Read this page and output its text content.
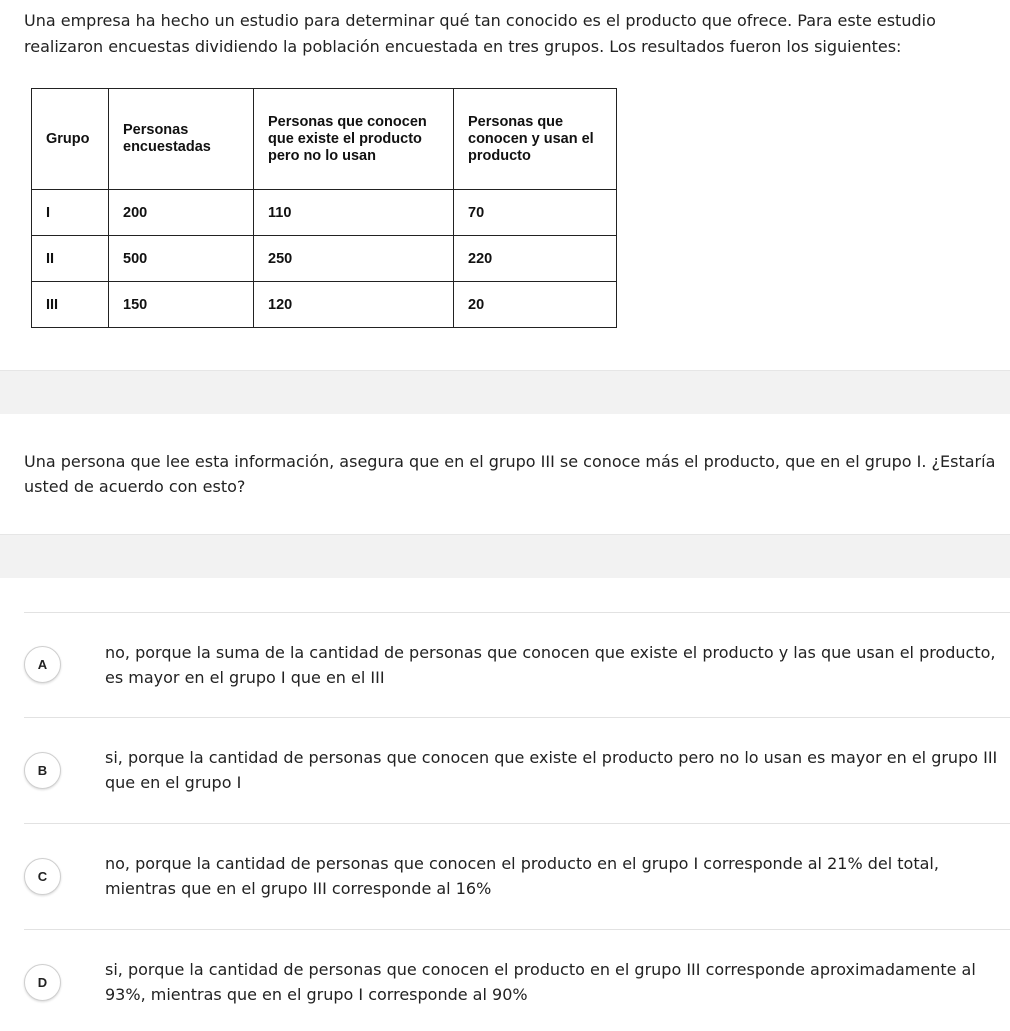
Una empresa ha hecho un estudio para determinar qué tan conocido es el producto que ofrece. Para este estudio realizaron encuestas dividiendo la población encuestada en tres grupos. Los resultados fueron los siguientes:
Grupo	Personas encuestadas	Personas que conocen que existe el producto pero no lo usan	Personas que conocen y usan el producto
I	200	110	70
II	500	250	220
III	150	120	20
Una persona que lee esta información, asegura que en el grupo III se conoce más el producto, que en el grupo I. ¿Estaría usted de acuerdo con esto?
A
no, porque la suma de la cantidad de personas que conocen que existe el producto y las que usan el producto, es mayor en el grupo I que en el III
B
si, porque la cantidad de personas que conocen que existe el producto pero no lo usan es mayor en el grupo III que en el grupo I
C
no, porque la cantidad de personas que conocen el producto en el grupo I corresponde al 21% del total, mientras que en el grupo III corresponde al 16%
D
si, porque la cantidad de personas que conocen el producto en el grupo III corresponde aproximadamente al 93%, mientras que en el grupo I corresponde al 90%
